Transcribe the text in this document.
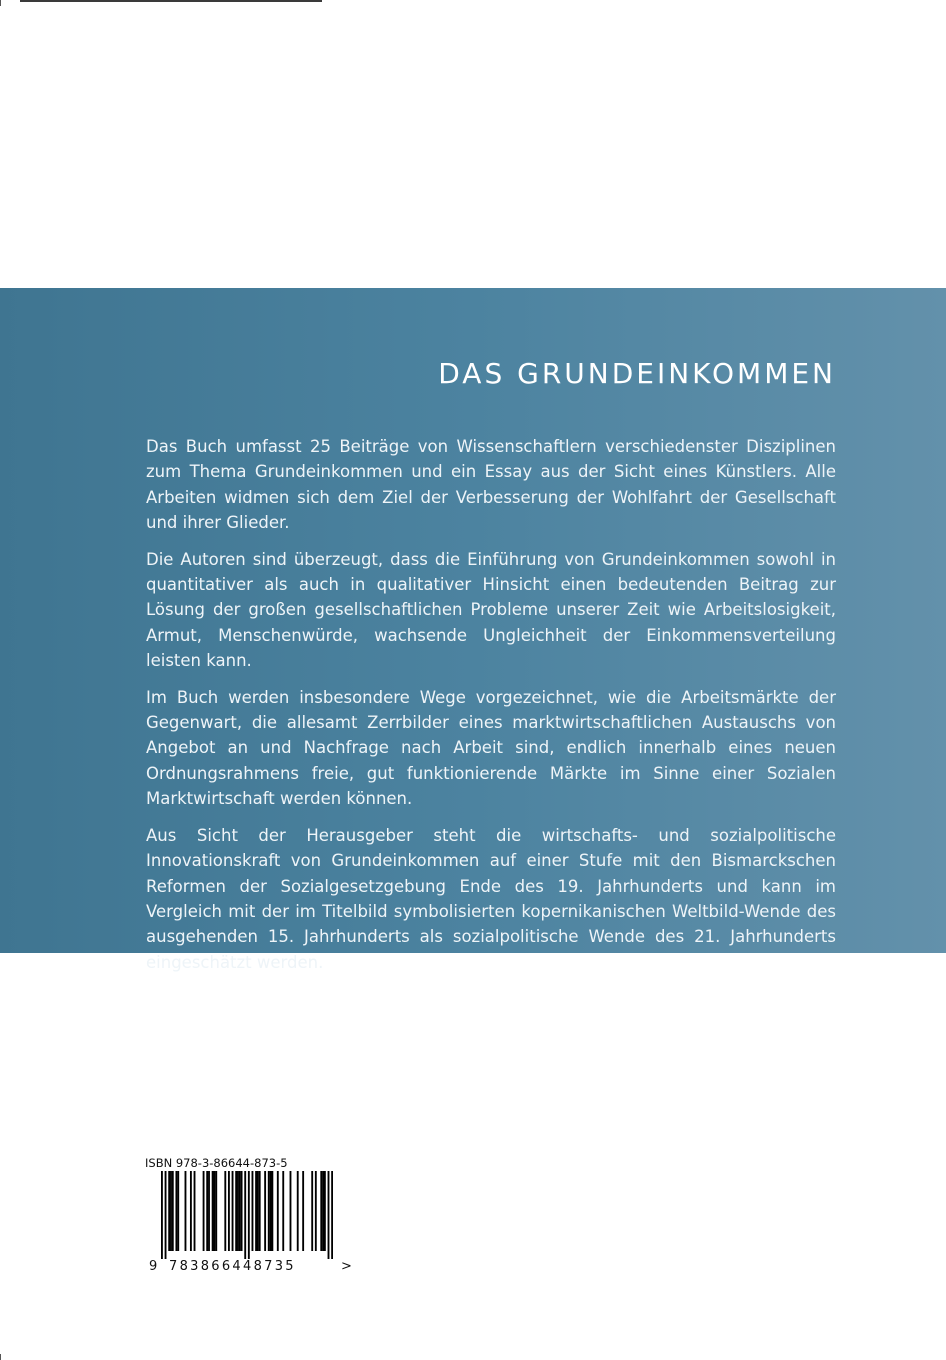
DAS GRUNDEINKOMMEN

Das Buch umfasst 25 Beiträge von Wissenschaftlern verschiedenster Disziplinen zum Thema Grundeinkommen und ein Essay aus der Sicht eines Künstlers. Alle Arbeiten widmen sich dem Ziel der Verbesserung der Wohlfahrt der Gesellschaft und ihrer Glieder.

Die Autoren sind überzeugt, dass die Einführung von Grundeinkommen sowohl in quantitativer als auch in qualitativer Hinsicht einen bedeutenden Beitrag zur Lösung der großen gesellschaftlichen Probleme unserer Zeit wie Arbeitslosigkeit, Armut, Menschenwürde, wachsende Ungleichheit der Einkommensverteilung leisten kann.

Im Buch werden insbesondere Wege vorgezeichnet, wie die Arbeitsmärkte der Gegenwart, die allesamt Zerrbilder eines marktwirtschaftlichen Austauschs von Angebot an und Nachfrage nach Arbeit sind, endlich innerhalb eines neuen Ordnungsrahmens freie, gut funktionierende Märkte im Sinne einer Sozialen Marktwirtschaft werden können.

Aus Sicht der Herausgeber steht die wirtschafts- und sozialpolitische Innovationskraft von Grundeinkommen auf einer Stufe mit den Bismarckschen Reformen der Sozialgesetzgebung Ende des 19. Jahrhunderts und kann im Vergleich mit der im Titelbild symbolisierten kopernikanischen Weltbild-Wende des ausgehenden 15. Jahrhunderts als sozialpolitische Wende des 21. Jahrhunderts eingeschätzt werden.

ISBN 978-3-86644-873-5
9 783866448735	>
